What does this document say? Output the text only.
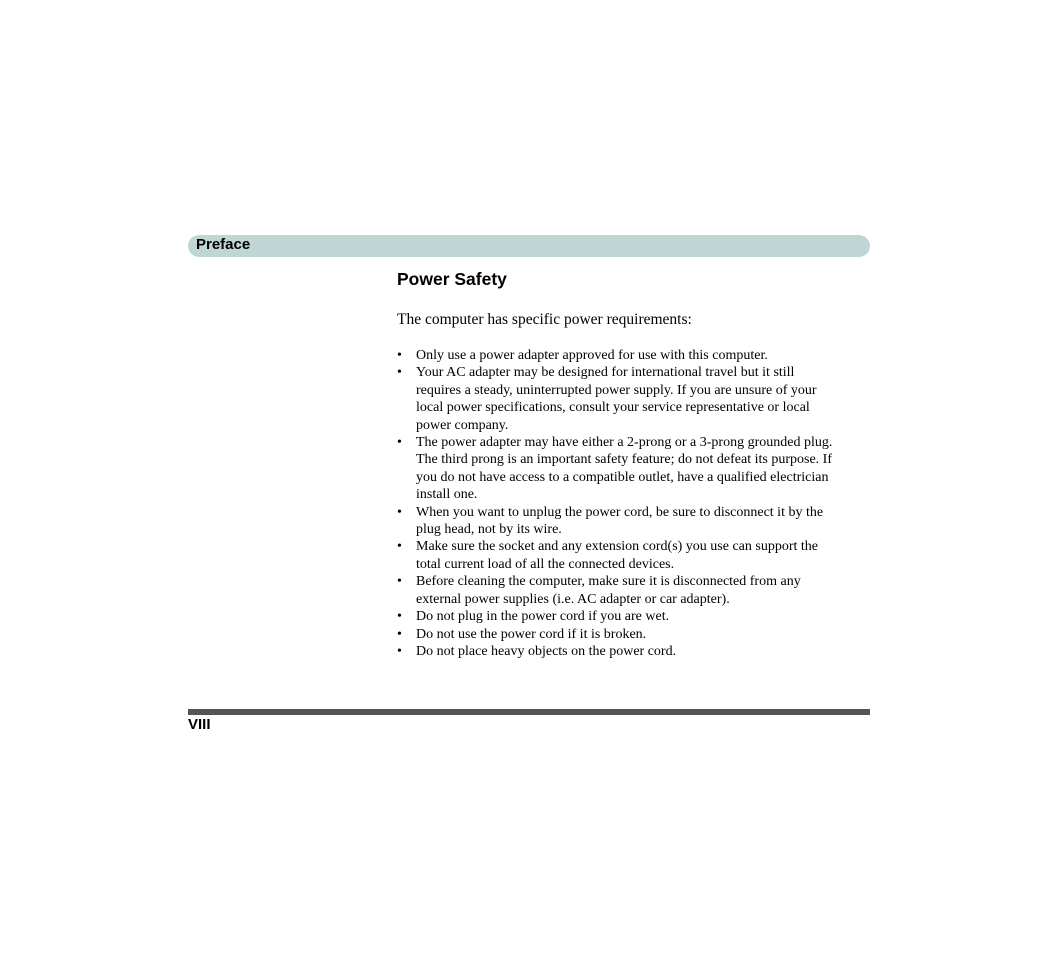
Preface
Power Safety

The computer has specific power requirements:

• Only use a power adapter approved for use with this computer.
• Your AC adapter may be designed for international travel but it still requires a steady, uninterrupted power supply. If you are unsure of your local power specifications, consult your service representative or local power company.
• The power adapter may have either a 2-prong or a 3-prong grounded plug. The third prong is an important safety feature; do not defeat its purpose. If you do not have access to a compatible outlet, have a qualified electrician install one.
• When you want to unplug the power cord, be sure to disconnect it by the plug head, not by its wire.
• Make sure the socket and any extension cord(s) you use can support the total current load of all the connected devices.
• Before cleaning the computer, make sure it is disconnected from any external power supplies (i.e. AC adapter or car adapter).
• Do not plug in the power cord if you are wet.
• Do not use the power cord if it is broken.
• Do not place heavy objects on the power cord.
VIII
